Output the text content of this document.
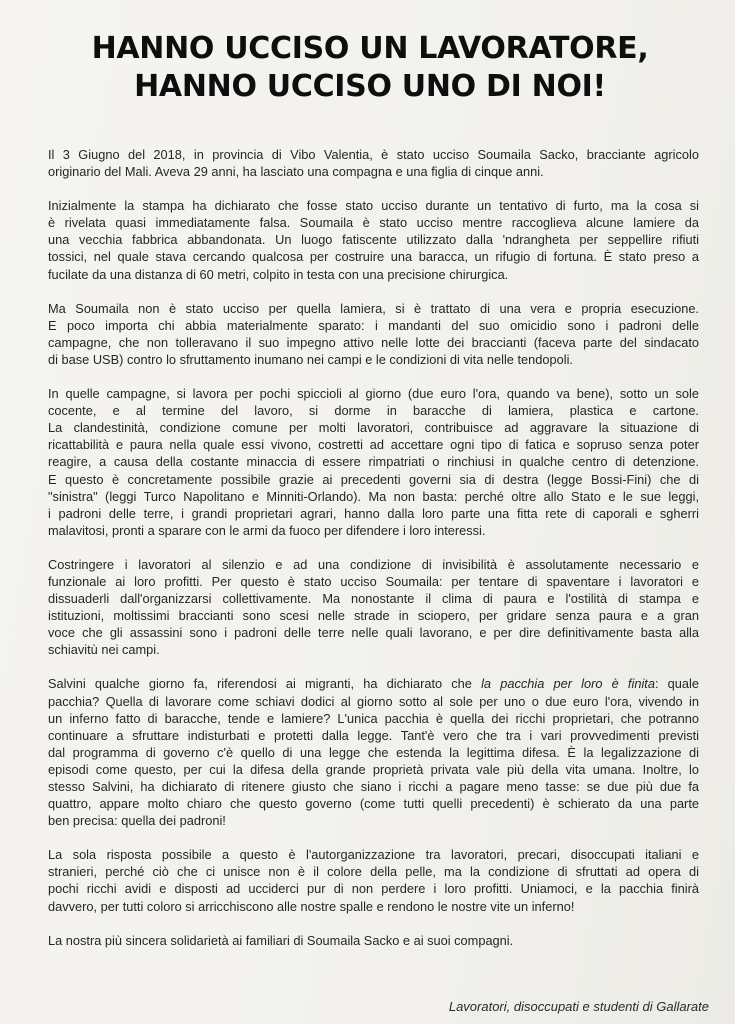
HANNO UCCISO UN LAVORATORE,
HANNO UCCISO UNO DI NOI!

Il 3 Giugno del 2018, in provincia di Vibo Valentia, è stato ucciso Soumaila Sacko, bracciante agricolo
originario del Mali. Aveva 29 anni, ha lasciato una compagna e una figlia di cinque anni.

Inizialmente la stampa ha dichiarato che fosse stato ucciso durante un tentativo di furto, ma la cosa si
è rivelata quasi immediatamente falsa. Soumaila è stato ucciso mentre raccoglieva alcune lamiere da
una vecchia fabbrica abbandonata. Un luogo fatiscente utilizzato dalla 'ndrangheta per seppellire rifiuti
tossici, nel quale stava cercando qualcosa per costruire una baracca, un rifugio di fortuna. È stato preso a
fucilate da una distanza di 60 metri, colpito in testa con una precisione chirurgica.

Ma Soumaila non è stato ucciso per quella lamiera, si è trattato di una vera e propria esecuzione.
E poco importa chi abbia materialmente sparato: i mandanti del suo omicidio sono i padroni delle
campagne, che non tolleravano il suo impegno attivo nelle lotte dei braccianti (faceva parte del sindacato
di base USB) contro lo sfruttamento inumano nei campi e le condizioni di vita nelle tendopoli.

In quelle campagne, si lavora per pochi spiccioli al giorno (due euro l'ora, quando va bene), sotto un sole
cocente, e al termine del lavoro, si dorme in baracche di lamiera, plastica e cartone.
La clandestinità, condizione comune per molti lavoratori, contribuisce ad aggravare la situazione di
ricattabilità e paura nella quale essi vivono, costretti ad accettare ogni tipo di fatica e sopruso senza poter
reagire, a causa della costante minaccia di essere rimpatriati o rinchiusi in qualche centro di detenzione.
E questo è concretamente possibile grazie ai precedenti governi sia di destra (legge Bossi-Fini) che di
"sinistra" (leggi Turco Napolitano e Minniti-Orlando). Ma non basta: perché oltre allo Stato e le sue leggi,
i padroni delle terre, i grandi proprietari agrari, hanno dalla loro parte una fitta rete di caporali e sgherri
malavitosi, pronti a sparare con le armi da fuoco per difendere i loro interessi.

Costringere i lavoratori al silenzio e ad una condizione di invisibilità è assolutamente necessario e
funzionale ai loro profitti. Per questo è stato ucciso Soumaila: per tentare di spaventare i lavoratori e
dissuaderli dall'organizzarsi collettivamente. Ma nonostante il clima di paura e l'ostilità di stampa e
istituzioni, moltissimi braccianti sono scesi nelle strade in sciopero, per gridare senza paura e a gran
voce che gli assassini sono i padroni delle terre nelle quali lavorano, e per dire definitivamente basta alla
schiavitù nei campi.

Salvini qualche giorno fa, riferendosi ai migranti, ha dichiarato che la pacchia per loro è finita: quale
pacchia? Quella di lavorare come schiavi dodici al giorno sotto al sole per uno o due euro l'ora, vivendo in
un inferno fatto di baracche, tende e lamiere? L'unica pacchia è quella dei ricchi proprietari, che potranno
continuare a sfruttare indisturbati e protetti dalla legge. Tant'è vero che tra i vari provvedimenti previsti
dal programma di governo c'è quello di una legge che estenda la legittima difesa. È la legalizzazione di
episodi come questo, per cui la difesa della grande proprietà privata vale più della vita umana. Inoltre, lo
stesso Salvini, ha dichiarato di ritenere giusto che siano i ricchi a pagare meno tasse: se due più due fa
quattro, appare molto chiaro che questo governo (come tutti quelli precedenti) è schierato da una parte
ben precisa: quella dei padroni!

La sola risposta possibile a questo è l'autorganizzazione tra lavoratori, precari, disoccupati italiani e
stranieri, perché ciò che ci unisce non è il colore della pelle, ma la condizione di sfruttati ad opera di
pochi ricchi avidi e disposti ad ucciderci pur di non perdere i loro profitti. Uniamoci, e la pacchia finirà
davvero, per tutti coloro si arricchiscono alle nostre spalle e rendono le nostre vite un inferno!

La nostra più sincera solidarietà ai familiari di Soumaila Sacko e ai suoi compagni.

Lavoratori, disoccupati e studenti di Gallarate
